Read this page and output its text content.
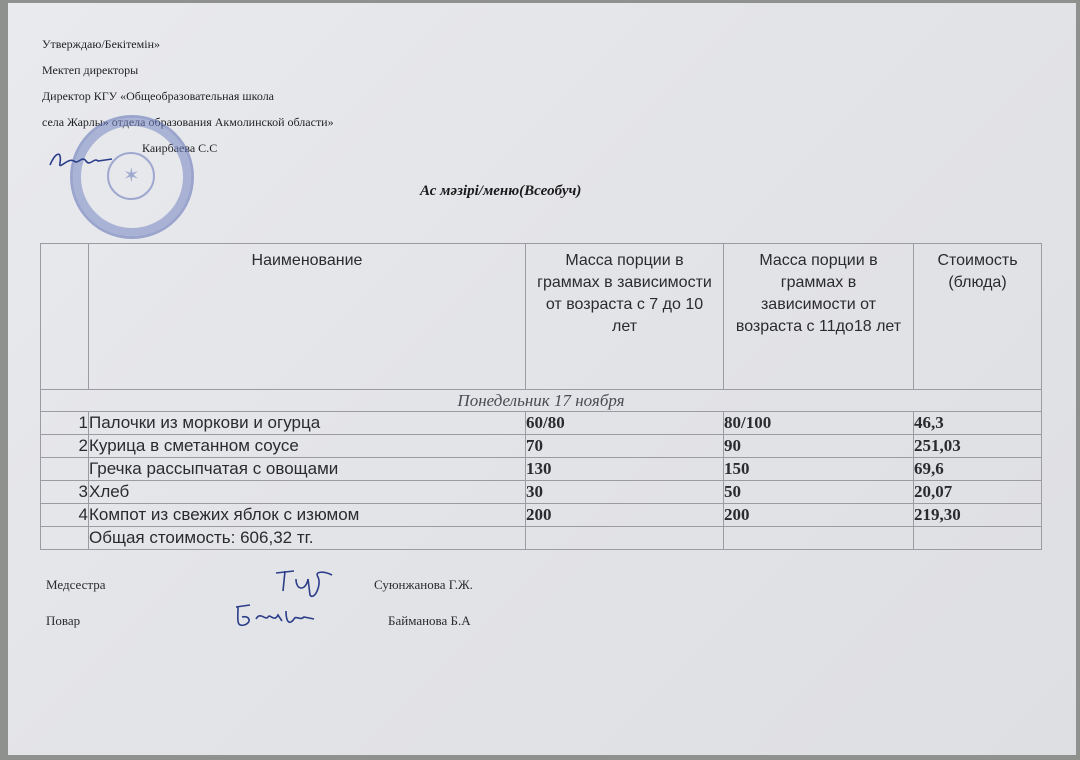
Утверждаю/Бекітемін»
Мектеп директоры
Директор КГУ «Общеобразовательная школа
села Жарлы» отдела образования Акмолинской области»
Каирбаева С.С
✶
Ас мәзірі/меню(Всеобуч)
	Наименование	Масса порции в граммах в зависимости от возраста с 7 до 10 лет	Масса порции в граммах в зависимости от возраста с 11до18 лет	Стоимость (блюда)
Понедельник 17 ноября				
1	Палочки из моркови и огурца	60/80	80/100	46,3
2	Курица в сметанном соусе	70	90	251,03
	Гречка рассыпчатая с овощами	130	150	69,6
3	Хлеб	30	50	20,07
4	Компот из свежих яблок с изюмом	200	200	219,30
	Общая стоимость: 606,32 тг.			
Медсестра	Суюнжанова Г.Ж.
Повар	Байманова Б.А
